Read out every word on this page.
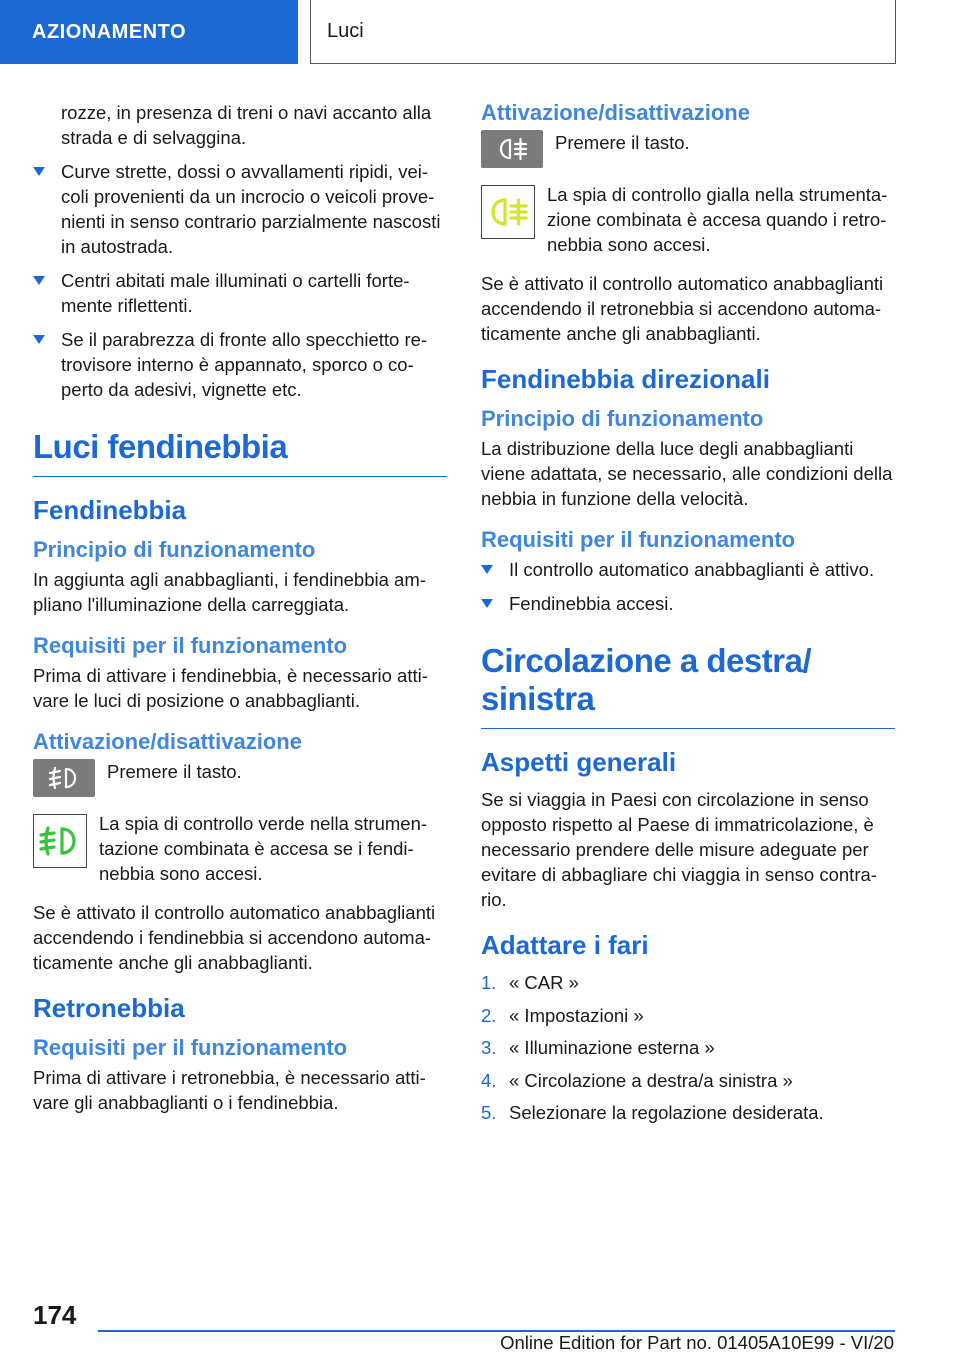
AZIONAMENTO	Luci
rozze, in presenza di treni o navi accanto alla strada e di selvaggina.
Curve strette, dossi o avvallamenti ripidi, veicoli provenienti da un incrocio o veicoli provenienti in senso contrario parzialmente nascosti in autostrada.
Centri abitati male illuminati o cartelli fortemente riflettenti.
Se il parabrezza di fronte allo specchietto retrovisore interno è appannato, sporco o coperto da adesivi, vignette etc.
Luci fendinebbia
Fendinebbia
Principio di funzionamento

In aggiunta agli anabbaglianti, i fendinebbia ampliano l'illuminazione della carreggiata.

Requisiti per il funzionamento

Prima di attivare i fendinebbia, è necessario attivare le luci di posizione o anabbaglianti.

Attivazione/disattivazione
Premere il tasto.
La spia di controllo verde nella strumentazione combinata è accesa se i fendinebbia sono accesi.

Se è attivato il controllo automatico anabbaglianti accendendo i fendinebbia si accendono automaticamente anche gli anabbaglianti.

Retronebbia
Requisiti per il funzionamento

Prima di attivare i retronebbia, è necessario attivare gli anabbaglianti o i fendinebbia.

Attivazione/disattivazione
Premere il tasto.
La spia di controllo gialla nella strumentazione combinata è accesa quando i retronebbia sono accesi.

Se è attivato il controllo automatico anabbaglianti accendendo il retronebbia si accendono automaticamente anche gli anabbaglianti.

Fendinebbia direzionali
Principio di funzionamento

La distribuzione della luce degli anabbaglianti viene adattata, se necessario, alle condizioni della nebbia in funzione della velocità.

Requisiti per il funzionamento
Il controllo automatico anabbaglianti è attivo.
Fendinebbia accesi.
Circolazione a destra/
sinistra
Aspetti generali

Se si viaggia in Paesi con circolazione in senso opposto rispetto al Paese di immatricolazione, è necessario prendere delle misure adeguate per evitare di abbagliare chi viaggia in senso contrario.

Adattare i fari
1. « CAR »
2. « Impostazioni »
3. « Illuminazione esterna »
4. « Circolazione a destra/a sinistra »
5. Selezionare la regolazione desiderata.
174
Online Edition for Part no. 01405A10E99 - VI/20
